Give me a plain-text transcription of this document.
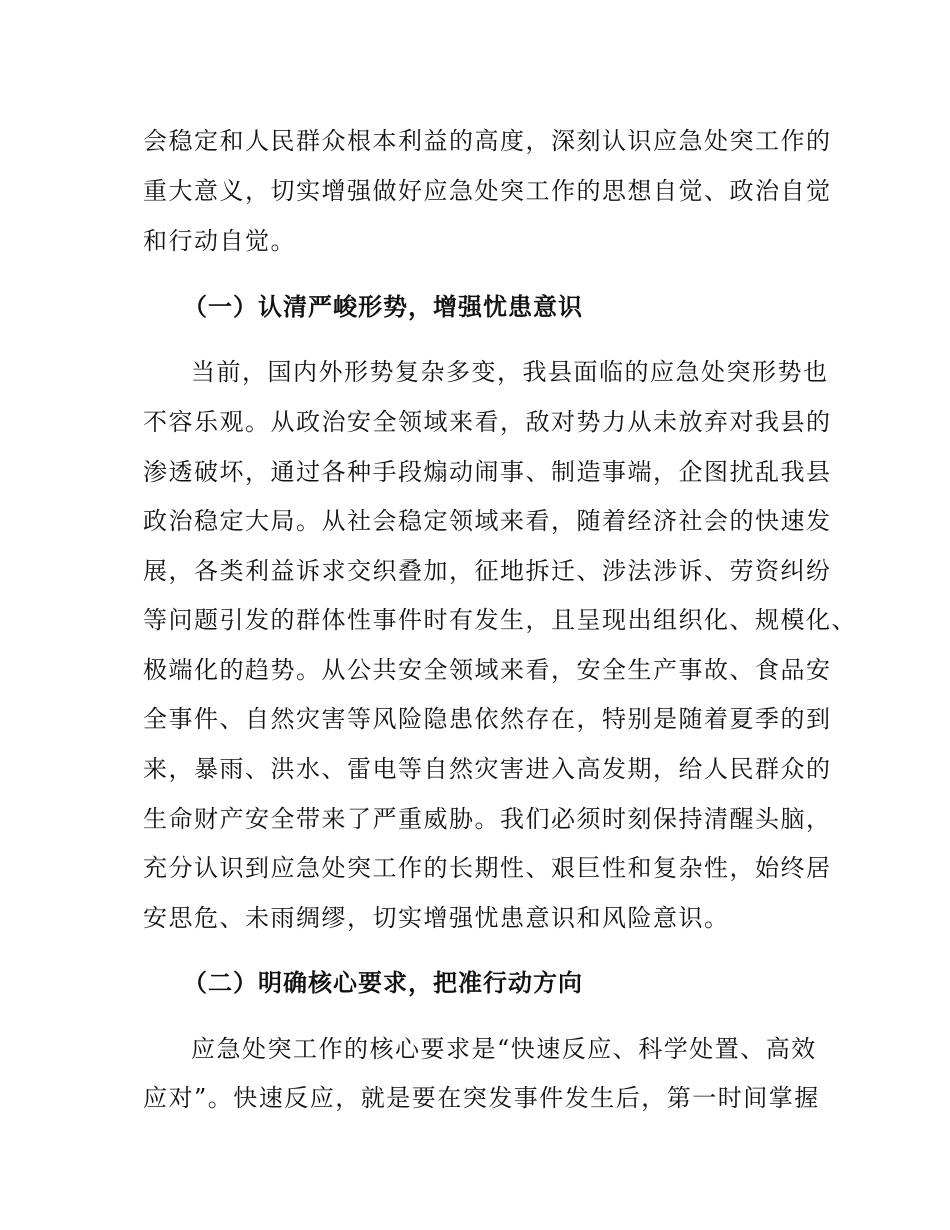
会稳定和人民群众根本利益的高度，深刻认识应急处突工作的
重大意义，切实增强做好应急处突工作的思想自觉、政治自觉
和行动自觉。
（一）认清严峻形势，增强忧患意识
当前，国内外形势复杂多变，我县面临的应急处突形势也
不容乐观。从政治安全领域来看，敌对势力从未放弃对我县的
渗透破坏，通过各种手段煽动闹事、制造事端，企图扰乱我县
政治稳定大局。从社会稳定领域来看，随着经济社会的快速发
展，各类利益诉求交织叠加，征地拆迁、涉法涉诉、劳资纠纷
等问题引发的群体性事件时有发生，且呈现出组织化、规模化、
极端化的趋势。从公共安全领域来看，安全生产事故、食品安
全事件、自然灾害等风险隐患依然存在，特别是随着夏季的到
来，暴雨、洪水、雷电等自然灾害进入高发期，给人民群众的
生命财产安全带来了严重威胁。我们必须时刻保持清醒头脑，
充分认识到应急处突工作的长期性、艰巨性和复杂性，始终居
安思危、未雨绸缪，切实增强忧患意识和风险意识。
（二）明确核心要求，把准行动方向
应急处突工作的核心要求是“快速反应、科学处置、高效
应对”。快速反应，就是要在突发事件发生后，第一时间掌握
